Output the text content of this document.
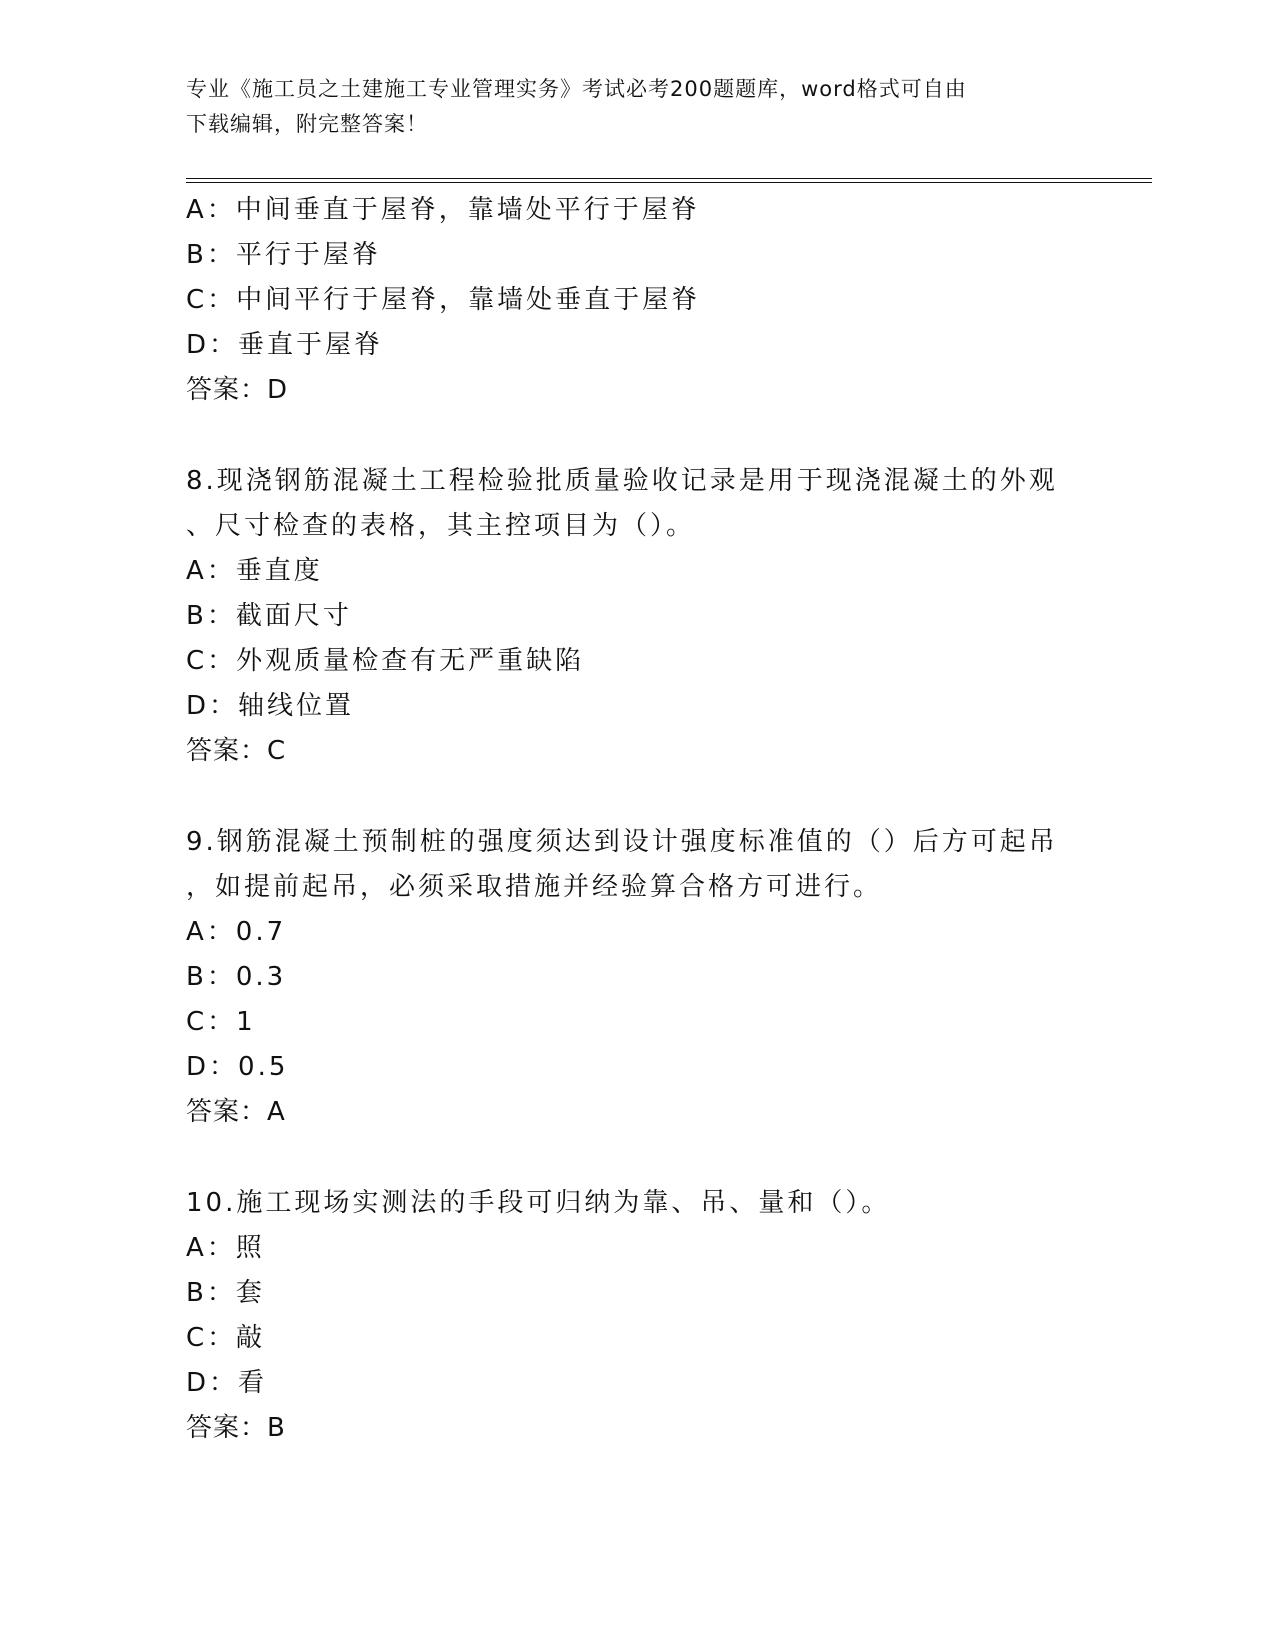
专业《施工员之土建施工专业管理实务》考试必考200题题库，word格式可自由
下载编辑，附完整答案！
A：中间垂直于屋脊，靠墙处平行于屋脊
B：平行于屋脊
C：中间平行于屋脊，靠墙处垂直于屋脊
D：垂直于屋脊
答案：D
8.现浇钢筋混凝土工程检验批质量验收记录是用于现浇混凝土的外观
、尺寸检查的表格，其主控项目为（）。
A：垂直度
B：截面尺寸
C：外观质量检查有无严重缺陷
D：轴线位置
答案：C
9.钢筋混凝土预制桩的强度须达到设计强度标准值的（）后方可起吊
，如提前起吊，必须采取措施并经验算合格方可进行。
A：0.7
B：0.3
C：1
D：0.5
答案：A
10.施工现场实测法的手段可归纳为靠、吊、量和（）。
A：照
B：套
C：敲
D：看
答案：B
